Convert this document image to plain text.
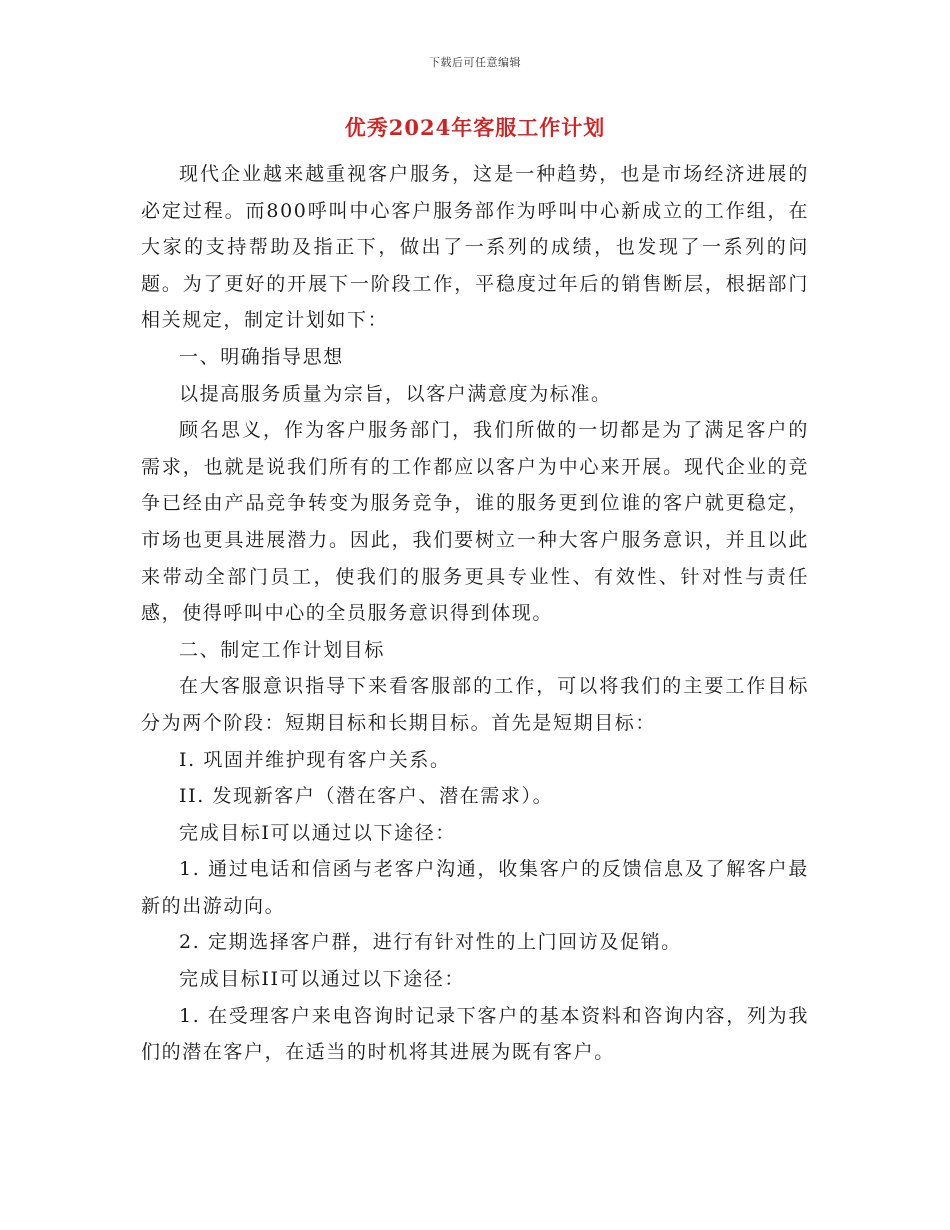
下载后可任意编辑
优秀2024年客服工作计划

现代企业越来越重视客户服务，这是一种趋势，也是市场经济进展的必定过程。而800呼叫中心客户服务部作为呼叫中心新成立的工作组，在大家的支持帮助及指正下，做出了一系列的成绩，也发现了一系列的问题。为了更好的开展下一阶段工作，平稳度过年后的销售断层，根据部门相关规定，制定计划如下：

一、明确指导思想

以提高服务质量为宗旨，以客户满意度为标准。

顾名思义，作为客户服务部门，我们所做的一切都是为了满足客户的需求，也就是说我们所有的工作都应以客户为中心来开展。现代企业的竞争已经由产品竞争转变为服务竞争，谁的服务更到位谁的客户就更稳定，市场也更具进展潜力。因此，我们要树立一种大客户服务意识，并且以此来带动全部门员工，使我们的服务更具专业性、有效性、针对性与责任感，使得呼叫中心的全员服务意识得到体现。

二、制定工作计划目标

在大客服意识指导下来看客服部的工作，可以将我们的主要工作目标分为两个阶段：短期目标和长期目标。首先是短期目标：

I. 巩固并维护现有客户关系。

II. 发现新客户（潜在客户、潜在需求）。

完成目标I可以通过以下途径：

1. 通过电话和信函与老客户沟通，收集客户的反馈信息及了解客户最新的出游动向。

2. 定期选择客户群，进行有针对性的上门回访及促销。

完成目标II可以通过以下途径：

1. 在受理客户来电咨询时记录下客户的基本资料和咨询内容，列为我们的潜在客户，在适当的时机将其进展为既有客户。
